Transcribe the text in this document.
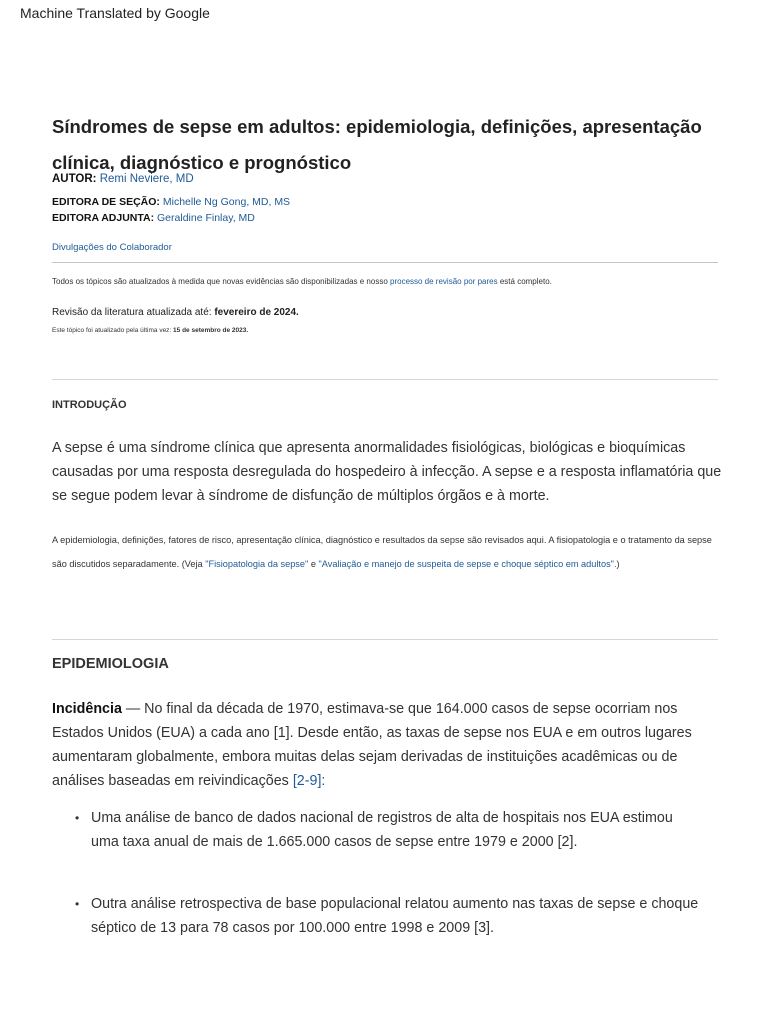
Machine Translated by Google
Síndromes de sepse em adultos: epidemiologia, definições, apresentação
clínica, diagnóstico e prognóstico
AUTOR: Remi Neviere, MD
EDITORA DE SEÇÃO: Michelle Ng Gong, MD, MS
EDITORA ADJUNTA: Geraldine Finlay, MD
Divulgações do Colaborador
Todos os tópicos são atualizados à medida que novas evidências são disponibilizadas e nosso processo de revisão por pares está completo.
Revisão da literatura atualizada até: fevereiro de 2024.
Este tópico foi atualizado pela última vez: 15 de setembro de 2023.
INTRODUÇÃO

A sepse é uma síndrome clínica que apresenta anormalidades fisiológicas, biológicas e bioquímicas causadas por uma resposta desregulada do hospedeiro à infecção. A sepse e a resposta inflamatória que se segue podem levar à síndrome de disfunção de múltiplos órgãos e à morte.

A epidemiologia, definições, fatores de risco, apresentação clínica, diagnóstico e resultados da sepse são revisados aqui. A fisiopatologia e o tratamento da sepse são discutidos separadamente. (Veja "Fisiopatologia da sepse" e "Avaliação e manejo de suspeita de sepse e choque séptico em adultos".)

EPIDEMIOLOGIA

Incidência — No final da década de 1970, estimava-se que 164.000 casos de sepse ocorriam nos Estados Unidos (EUA) a cada ano [1]. Desde então, as taxas de sepse nos EUA e em outros lugares aumentaram globalmente, embora muitas delas sejam derivadas de instituições acadêmicas ou de análises baseadas em reivindicações [2-9]:

• Uma análise de banco de dados nacional de registros de alta de hospitais nos EUA estimou uma taxa anual de mais de 1.665.000 casos de sepse entre 1979 e 2000 [2].
• Outra análise retrospectiva de base populacional relatou aumento nas taxas de sepse e choque séptico de 13 para 78 casos por 100.000 entre 1998 e 2009 [3].
